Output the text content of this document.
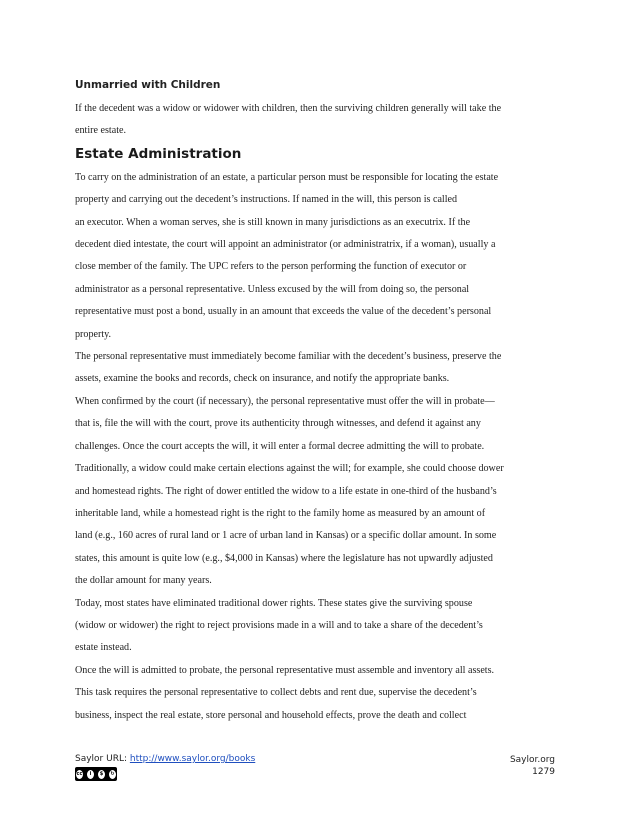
Unmarried with Children
If the decedent was a widow or widower with children, then the surviving children generally will take the
entire estate.
Estate Administration
To carry on the administration of an estate, a particular person must be responsible for locating the estate
property and carrying out the decedent’s instructions. If named in the will, this person is called
an executor. When a woman serves, she is still known in many jurisdictions as an executrix. If the
decedent died intestate, the court will appoint an administrator (or administratrix, if a woman), usually a
close member of the family. The UPC refers to the person performing the function of executor or
administrator as a personal representative. Unless excused by the will from doing so, the personal
representative must post a bond, usually in an amount that exceeds the value of the decedent’s personal
property.
The personal representative must immediately become familiar with the decedent’s business, preserve the
assets, examine the books and records, check on insurance, and notify the appropriate banks.
When confirmed by the court (if necessary), the personal representative must offer the will in probate—
that is, file the will with the court, prove its authenticity through witnesses, and defend it against any
challenges. Once the court accepts the will, it will enter a formal decree admitting the will to probate.
Traditionally, a widow could make certain elections against the will; for example, she could choose dower
and homestead rights. The right of dower entitled the widow to a life estate in one-third of the husband’s
inheritable land, while a homestead right is the right to the family home as measured by an amount of
land (e.g., 160 acres of rural land or 1 acre of urban land in Kansas) or a specific dollar amount. In some
states, this amount is quite low (e.g., $4,000 in Kansas) where the legislature has not upwardly adjusted
the dollar amount for many years.
Today, most states have eliminated traditional dower rights. These states give the surviving spouse
(widow or widower) the right to reject provisions made in a will and to take a share of the decedent’s
estate instead.
Once the will is admitted to probate, the personal representative must assemble and inventory all assets.
This task requires the personal representative to collect debts and rent due, supervise the decedent’s
business, inspect the real estate, store personal and household effects, prove the death and collect
Saylor URL: http://www.saylor.org/books
cc	i	$	↻
Saylor.org
1279
